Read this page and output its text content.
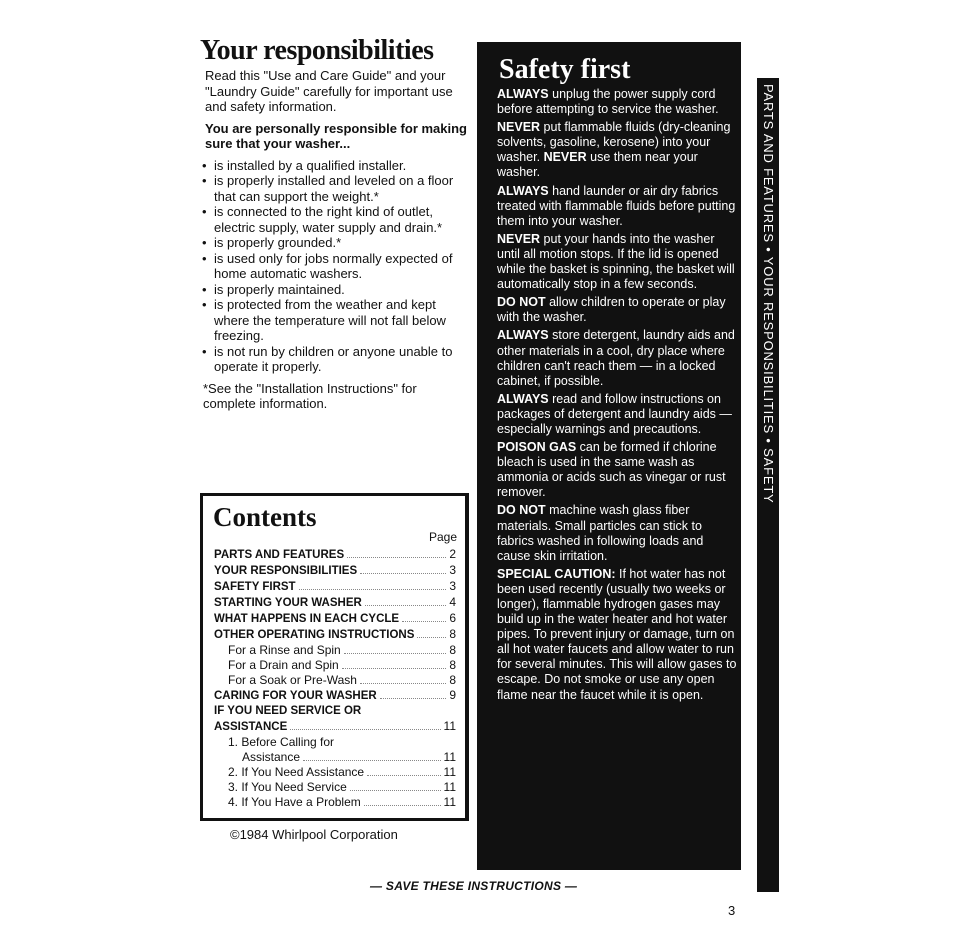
Your responsibilities

Read this "Use and Care Guide" and your "Laundry Guide" carefully for important use and safety information.

You are personally responsible for making sure that your washer...

• is installed by a qualified installer.
• is properly installed and leveled on a floor that can support the weight.*
• is connected to the right kind of outlet, electric supply, water supply and drain.*
• is properly grounded.*
• is used only for jobs normally expected of home automatic washers.
• is properly maintained.
• is protected from the weather and kept where the temperature will not fall below freezing.
• is not run by children or anyone unable to operate it properly.

*See the "Installation Instructions" for complete information.

Contents
Page
PARTS AND FEATURES	2
YOUR RESPONSIBILITIES	3
SAFETY FIRST	3
STARTING YOUR WASHER	4
WHAT HAPPENS IN EACH CYCLE	6
OTHER OPERATING INSTRUCTIONS	8
For a Rinse and Spin	8
For a Drain and Spin	8
For a Soak or Pre-Wash	8
CARING FOR YOUR WASHER	9
IF YOU NEED SERVICE OR
ASSISTANCE	11
1. Before Calling for
Assistance	11
2. If You Need Assistance	11
3. If You Need Service	11
4. If You Have a Problem	11
©1984 Whirlpool Corporation
Safety first

ALWAYS unplug the power supply cord before attempting to service the washer.

NEVER put flammable fluids (dry-cleaning solvents, gasoline, kerosene) into your washer. NEVER use them near your washer.

ALWAYS hand launder or air dry fabrics treated with flammable fluids before putting them into your washer.

NEVER put your hands into the washer until all motion stops. If the lid is opened while the basket is spinning, the basket will automatically stop in a few seconds.

DO NOT allow children to operate or play with the washer.

ALWAYS store detergent, laundry aids and other materials in a cool, dry place where children can't reach them — in a locked cabinet, if possible.

ALWAYS read and follow instructions on packages of detergent and laundry aids — especially warnings and precautions.

POISON GAS can be formed if chlorine bleach is used in the same wash as ammonia or acids such as vinegar or rust remover.

DO NOT machine wash glass fiber materials. Small particles can stick to fabrics washed in following loads and cause skin irritation.

SPECIAL CAUTION: If hot water has not been used recently (usually two weeks or longer), flammable hydrogen gases may build up in the water heater and hot water pipes. To prevent injury or damage, turn on all hot water faucets and allow water to run for several minutes. This will allow gases to escape. Do not smoke or use any open flame near the faucet while it is open.

PARTS AND FEATURES • YOUR RESPONSIBILITIES • SAFETY
— SAVE THESE INSTRUCTIONS —
3
